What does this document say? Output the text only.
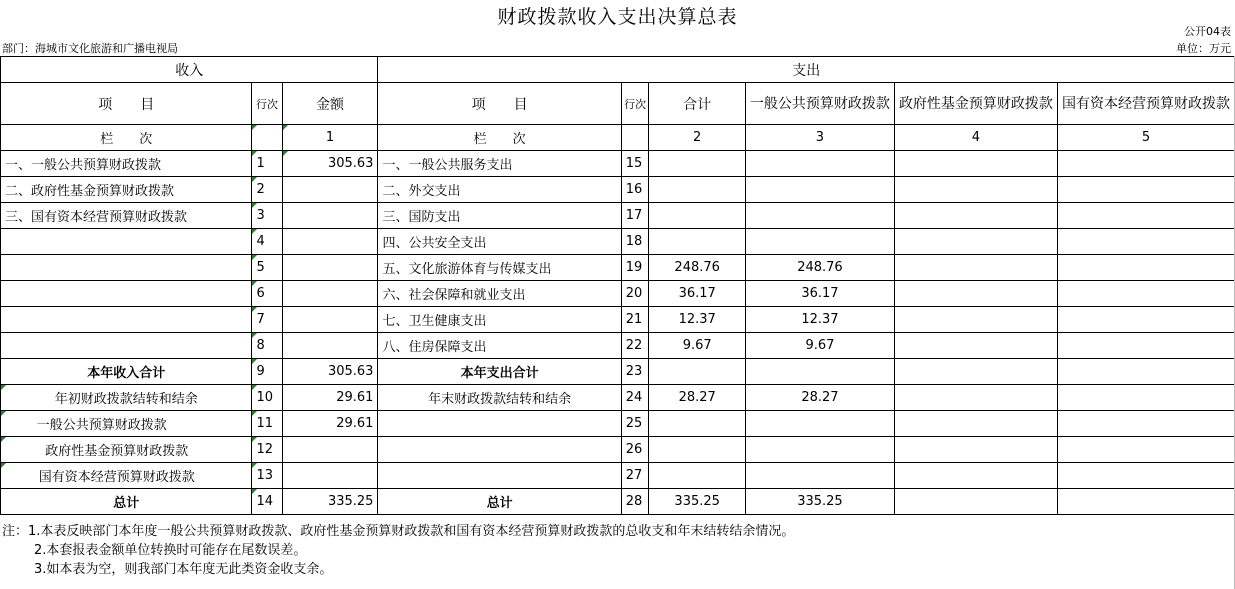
财政拨款收入支出决算总表
公开04表
部门：海城市文化旅游和广播电视局	单位：万元
收入			支出					
项　　目	行次	金额	项　　目	行次	合计	一般公共预算财政拨款	政府性基金预算财政拨款	国有资本经营预算财政拨款
栏　　次		1	栏　　次		2	3	4	5
一、一般公共预算财政拨款	1	305.63	一、一般公共服务支出	15				
二、政府性基金预算财政拨款	2		二、外交支出	16				
三、国有资本经营预算财政拨款	3		三、国防支出	17				
	4		四、公共安全支出	18				
	5		五、文化旅游体育与传媒支出	19	248.76	248.76		
	6		六、社会保障和就业支出	20	36.17	36.17		
	7		七、卫生健康支出	21	12.37	12.37		
	8		八、住房保障支出	22	9.67	9.67		
本年收入合计	9	305.63	本年支出合计	23				
年初财政拨款结转和结余	10	29.61	年末财政拨款结转和结余	24	28.27	28.27		
一般公共预算财政拨款	11	29.61		25				
政府性基金预算财政拨款	12			26				
国有资本经营预算财政拨款	13			27				
总计	14	335.25	总计	28	335.25	335.25		
注：1.本表反映部门本年度一般公共预算财政拨款、政府性基金预算财政拨款和国有资本经营预算财政拨款的总收支和年末结转结余情况。
2.本套报表金额单位转换时可能存在尾数误差。
3.如本表为空，则我部门本年度无此类资金收支余。
